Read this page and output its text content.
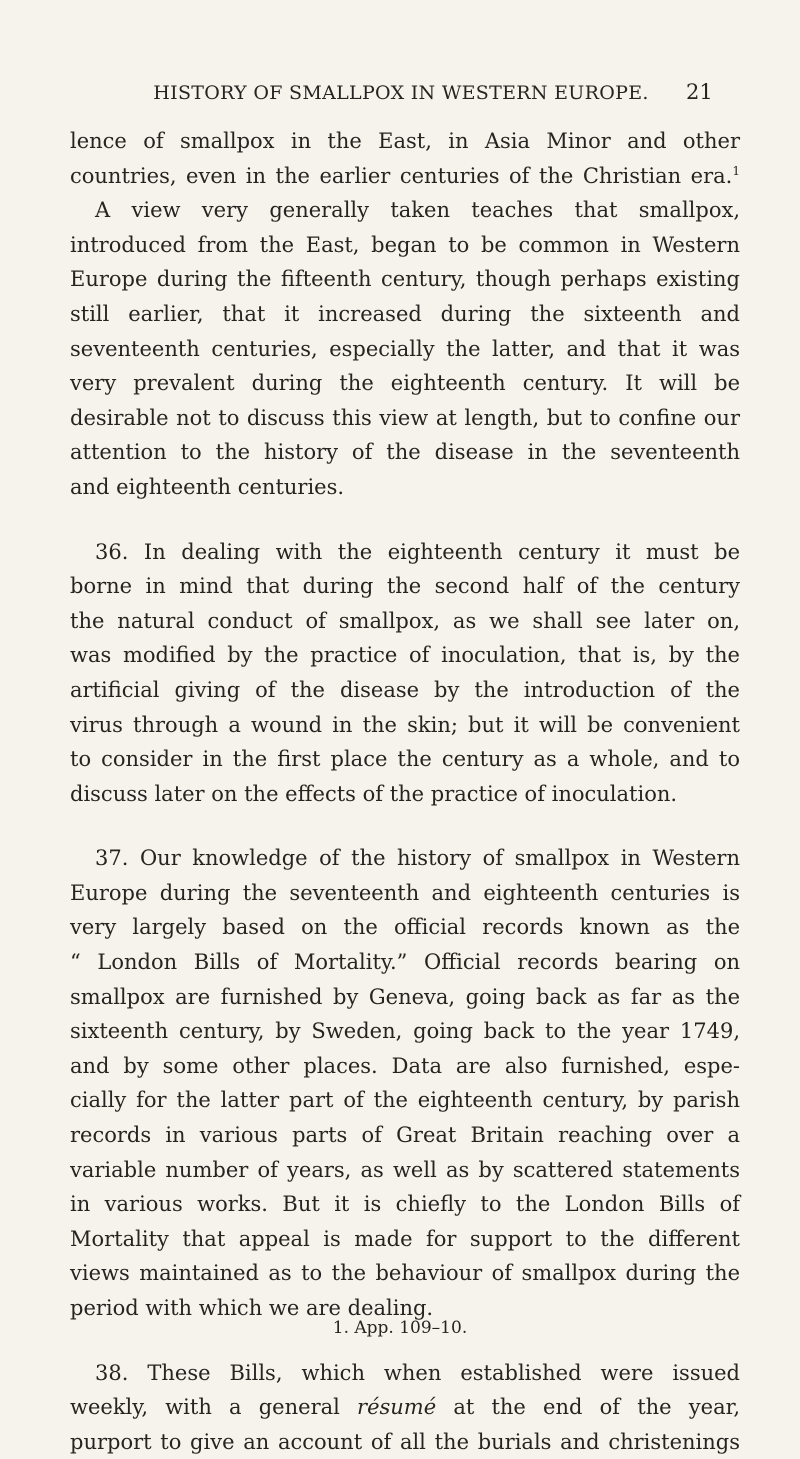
HISTORY OF SMALLPOX IN WESTERN EUROPE.	21
lence of smallpox in the East, in Asia Minor and other
countries, even in the earlier centuries of the Christian era.$^1$
A view very generally taken teaches that smallpox,
introduced from the East, began to be common in Western
Europe during the fifteenth century, though perhaps existing
still earlier, that it increased during the sixteenth and
seventeenth centuries, especially the latter, and that it was
very prevalent during the eighteenth century. It will be
desirable not to discuss this view at length, but to confine our
attention to the history of the disease in the seventeenth
and eighteenth centuries.
36. In dealing with the eighteenth century it must be
borne in mind that during the second half of the century
the natural conduct of smallpox, as we shall see later on,
was modified by the practice of inoculation, that is, by the
artificial giving of the disease by the introduction of the
virus through a wound in the skin; but it will be convenient
to consider in the first place the century as a whole, and to
discuss later on the effects of the practice of inoculation.
37. Our knowledge of the history of smallpox in Western
Europe during the seventeenth and eighteenth centuries is
very largely based on the official records known as the
“ London Bills of Mortality.” Official records bearing on
smallpox are furnished by Geneva, going back as far as the
sixteenth century, by Sweden, going back to the year 1749,
and by some other places. Data are also furnished, espe-
cially for the latter part of the eighteenth century, by parish
records in various parts of Great Britain reaching over a
variable number of years, as well as by scattered statements
in various works. But it is chiefly to the London Bills of
Mortality that appeal is made for support to the different
views maintained as to the behaviour of smallpox during the
period with which we are dealing.
38. These Bills, which when established were issued
weekly, with a general résumé at the end of the year,
purport to give an account of all the burials and christenings
1. App. 109–10.
